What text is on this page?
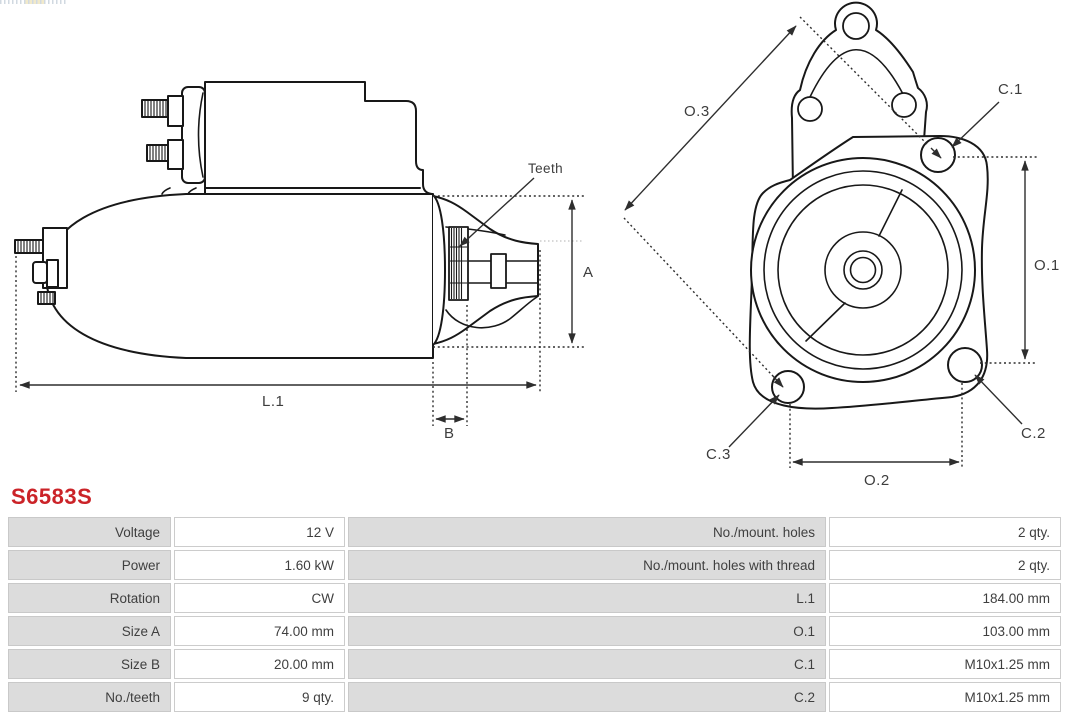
A
B
L.1
Teeth
O.3
O.1
O.2
C.1
C.2
C.3
S6583S
Voltage	12 V	No./mount. holes	2 qty.
Power	1.60 kW	No./mount. holes with thread	2 qty.
Rotation	CW	L.1	184.00 mm
Size A	74.00 mm	O.1	103.00 mm
Size B	20.00 mm	C.1	M10x1.25 mm
No./teeth	9 qty.	C.2	M10x1.25 mm
